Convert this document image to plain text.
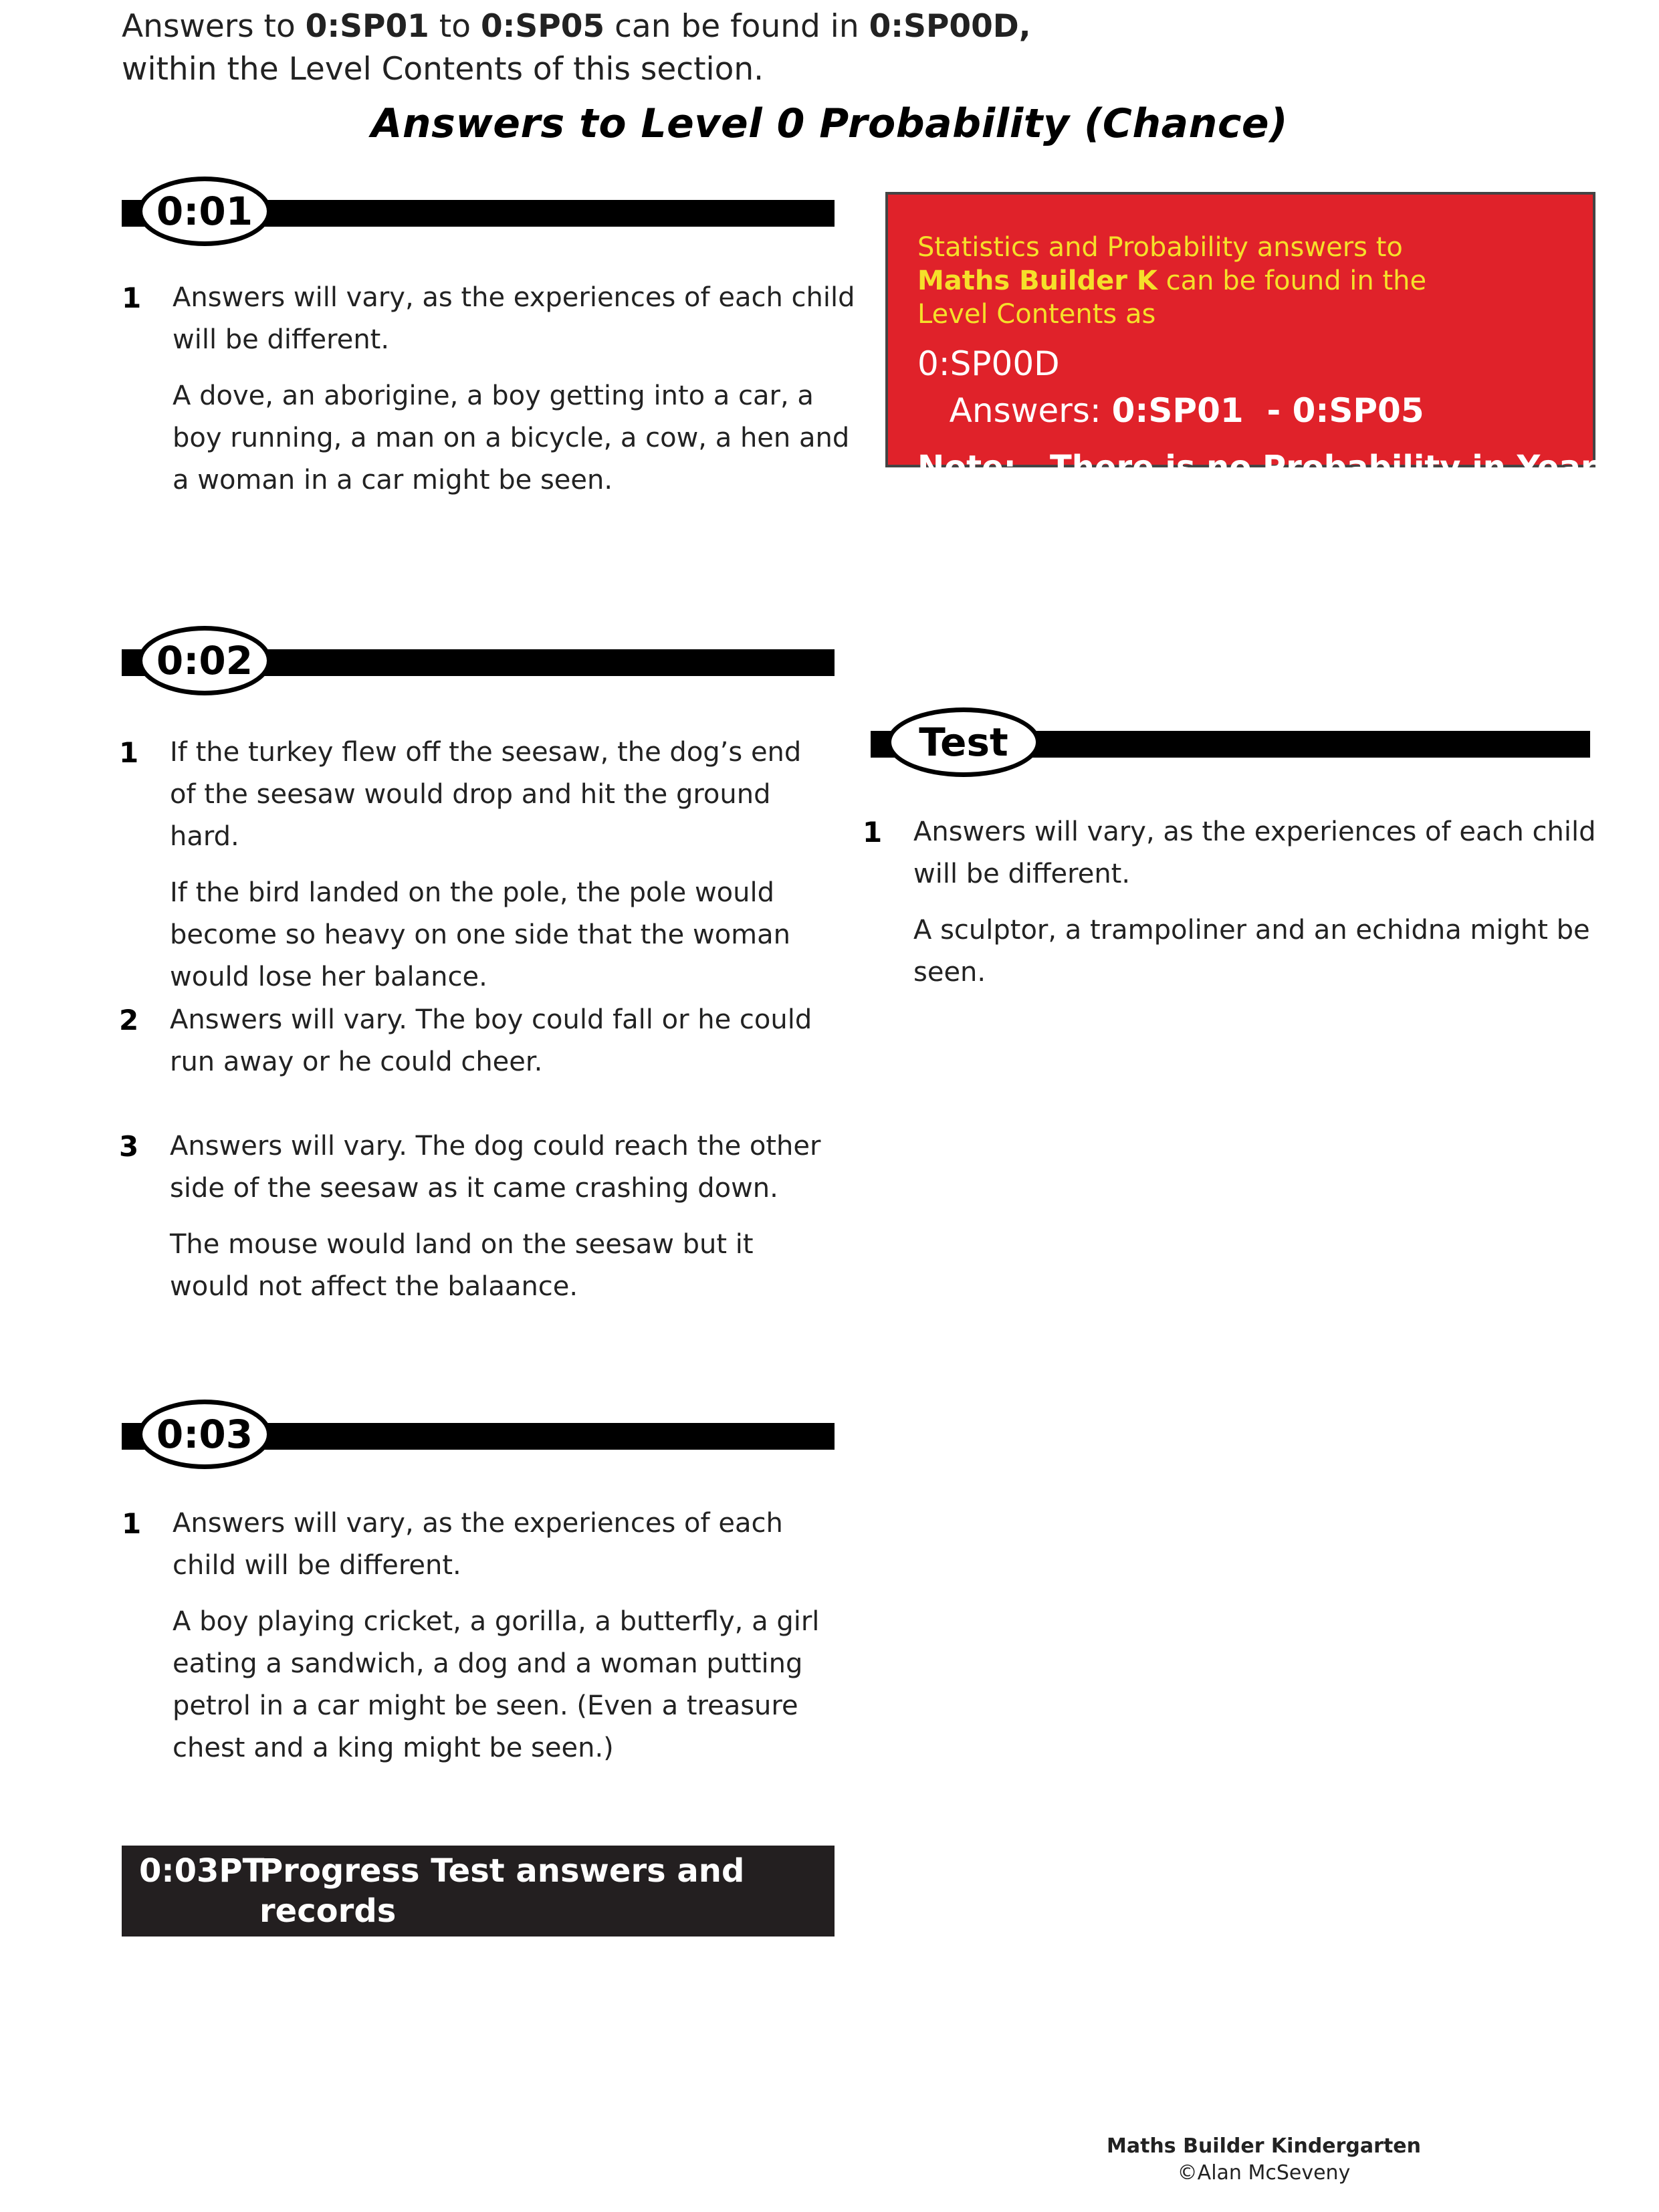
Answers to 0:SP01 to 0:SP05 can be found in 0:SP00D,
within the Level Contents of this section.
Answers to Level 0 Probability (Chance)
0:01
1 Answers will vary, as the experiences of each child will be different.

A dove, an aborigine, a boy getting into a car, a boy running, a man on a bicycle, a cow, a hen and a woman in a car might be seen.

Statistics and Probability answers to
Maths Builder K can be found in the
Level Contents as
0:SP00D   Answers: 0:SP01  - 0:SP05
Note:   There is no Probability in Year K.
0:02
1 If the turkey flew off the seesaw, the dog’s end of the seesaw would drop and hit the ground hard.

If the bird landed on the pole, the pole would become so heavy on one side that the woman would lose her balance.

2 Answers will vary. The boy could fall or he could run away or he could cheer.

3 Answers will vary. The dog could reach the other side of the seesaw as it came crashing down.

The mouse would land on the seesaw but it would not affect the balaance.

Test
1 Answers will vary, as the experiences of each child will be different.

A sculptor, a trampoliner and an echidna might be seen.

0:03
1 Answers will vary, as the experiences of each child will be different.

A boy playing cricket, a gorilla, a butterfly, a girl eating a sandwich, a dog and a woman putting petrol in a car might be seen. (Even a treasure chest and a king might be seen.)

0:03PT
Progress Test answers and records
are at the end of this section.
Maths Builder Kindergarten
©Alan McSeveny
